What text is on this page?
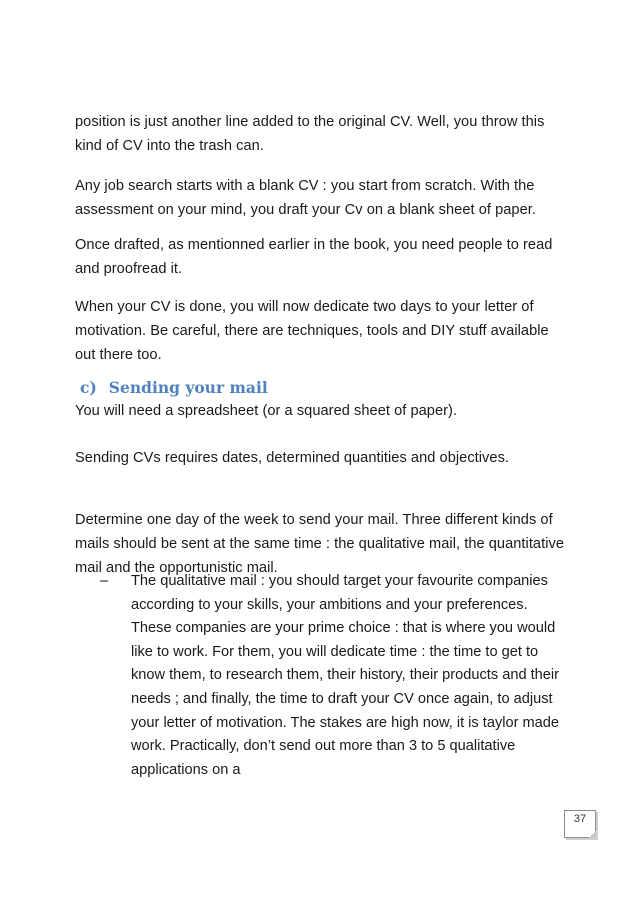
position is just another line added to the original CV. Well, you throw this kind of CV into the trash can.
Any job search starts with a blank CV : you start from scratch. With the assessment on your mind, you draft your Cv on a blank sheet of paper.
Once drafted, as mentionned earlier in the book, you need people to read and proofread it.
When your CV is done, you will now dedicate two days to your letter of motivation. Be careful, there are techniques, tools and DIY stuff available out there too.
c) Sending your mail
You will need a spreadsheet (or a squared sheet of paper).
Sending CVs requires dates, determined quantities and objectives.
Determine one day of the week to send your mail. Three different kinds of mails should be sent at the same time : the qualitative mail, the quantitative mail and the opportunistic mail.
– The qualitative mail : you should target your favourite companies according to your skills, your ambitions and your preferences. These companies are your prime choice : that is where you would like to work. For them, you will dedicate time : the time to get to know them, to research them, their history, their products and their needs ; and finally, the time to draft your CV once again, to adjust your letter of motivation. The stakes are high now, it is taylor made work. Practically, don’t send out more than 3 to 5 qualitative applications on a
37
